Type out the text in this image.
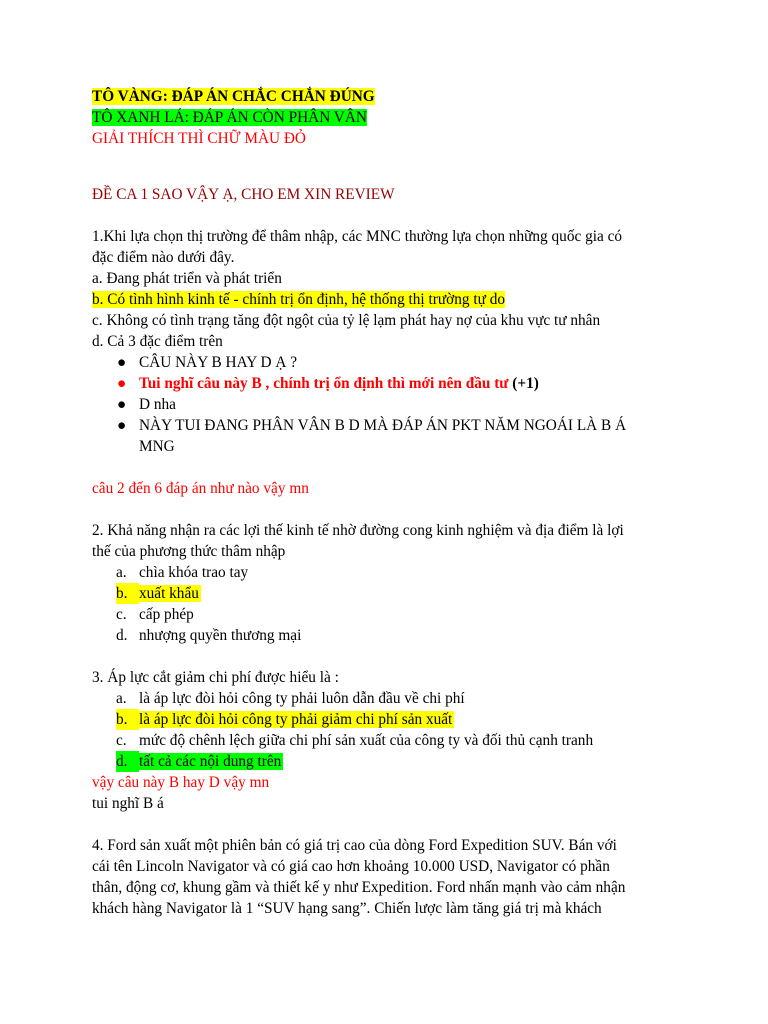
TÔ VÀNG: ĐÁP ÁN CHẮC CHẮN ĐÚNG
TÔ XANH LÁ: ĐÁP ÁN CÒN PHÂN VÂN
GIẢI THÍCH THÌ CHỮ MÀU ĐỎ
ĐỀ CA 1 SAO VẬY Ạ, CHO EM XIN REVIEW
1.Khi lựa chọn thị trường để thâm nhập, các MNC thường lựa chọn những quốc gia có
đặc điểm nào dưới đây.
a. Đang phát triển và phát triển
b. Có tình hình kinh tế - chính trị ổn định, hệ thống thị trường tự do
c. Không có tình trạng tăng đột ngột của tỷ lệ lạm phát hay nợ của khu vực tư nhân
d. Cả 3 đặc điểm trên
● CÂU NÀY B HAY D Ạ ?
● Tui nghĩ câu này B , chính trị ổn định thì mới nên đầu tư (+1)
● D nha
● NÀY TUI ĐANG PHÂN VÂN B D MÀ ĐÁP ÁN PKT NĂM NGOÁI LÀ B Á
MNG
câu 2 đến 6 đáp án như nào vậy mn
2. Khả năng nhận ra các lợi thế kinh tế nhờ đường cong kinh nghiệm và địa điểm là lợi
thế của phương thức thâm nhập
a. chìa khóa trao tay
b. xuất khẩu
c. cấp phép
d. nhượng quyền thương mại
3. Áp lực cắt giảm chi phí được hiểu là :
a. là áp lực đòi hỏi công ty phải luôn dẫn đầu về chi phí
b. là áp lực đòi hỏi công ty phải giảm chi phí sản xuất
c. mức độ chênh lệch giữa chi phí sản xuất của công ty và đối thủ cạnh tranh
d. tất cả các nội dung trên
vậy câu này B hay D vậy mn
tui nghĩ B á
4. Ford sản xuất một phiên bản có giá trị cao của dòng Ford Expedition SUV. Bán với
cái tên Lincoln Navigator và có giá cao hơn khoảng 10.000 USD, Navigator có phần
thân, động cơ, khung gầm và thiết kế y như Expedition. Ford nhấn mạnh vào cảm nhận
khách hàng Navigator là 1 “SUV hạng sang”. Chiến lược làm tăng giá trị mà khách
